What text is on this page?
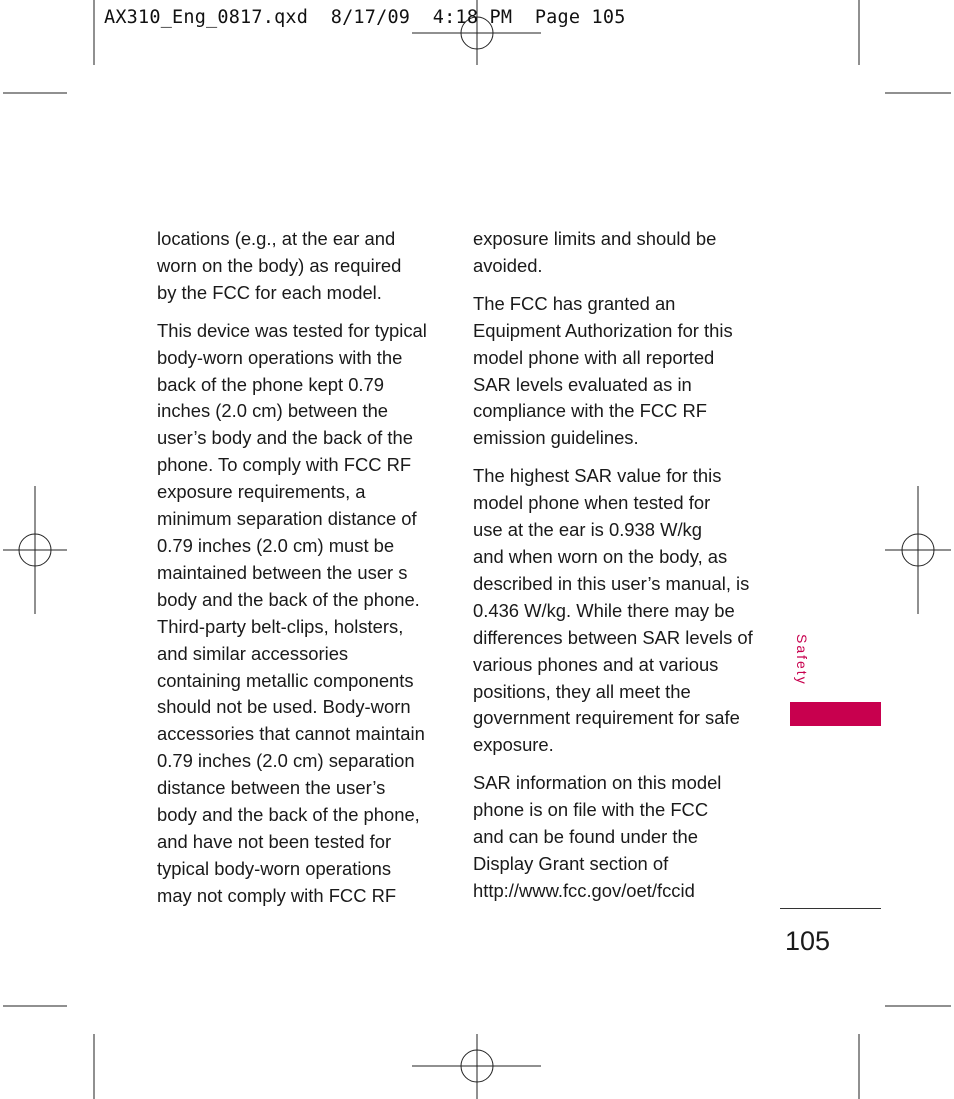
AX310_Eng_0817.qxd  8/17/09  4:18 PM  Page 105

locations (e.g., at the ear and
worn on the body) as required
by the FCC for each model.

This device was tested for typical
body-worn operations with the
back of the phone kept 0.79
inches (2.0 cm) between the
user’s body and the back of the
phone. To comply with FCC RF
exposure requirements, a
minimum separation distance of
0.79 inches (2.0 cm) must be
maintained between the user s
body and the back of the phone.
Third-party belt-clips, holsters,
and similar accessories
containing metallic components
should not be used. Body-worn
accessories that cannot maintain
0.79 inches (2.0 cm) separation
distance between the user’s
body and the back of the phone,
and have not been tested for
typical body-worn operations
may not comply with FCC RF

exposure limits and should be
avoided.

The FCC has granted an
Equipment Authorization for this
model phone with all reported
SAR levels evaluated as in
compliance with the FCC RF
emission guidelines.

The highest SAR value for this
model phone when tested for
use at the ear is 0.938 W/kg
and when worn on the body, as
described in this user’s manual, is
0.436 W/kg. While there may be
differences between SAR levels of
various phones and at various
positions, they all meet the
government requirement for safe
exposure.

SAR information on this model
phone is on file with the FCC
and can be found under the
Display Grant section of
http://www.fcc.gov/oet/fccid

Safety
105
